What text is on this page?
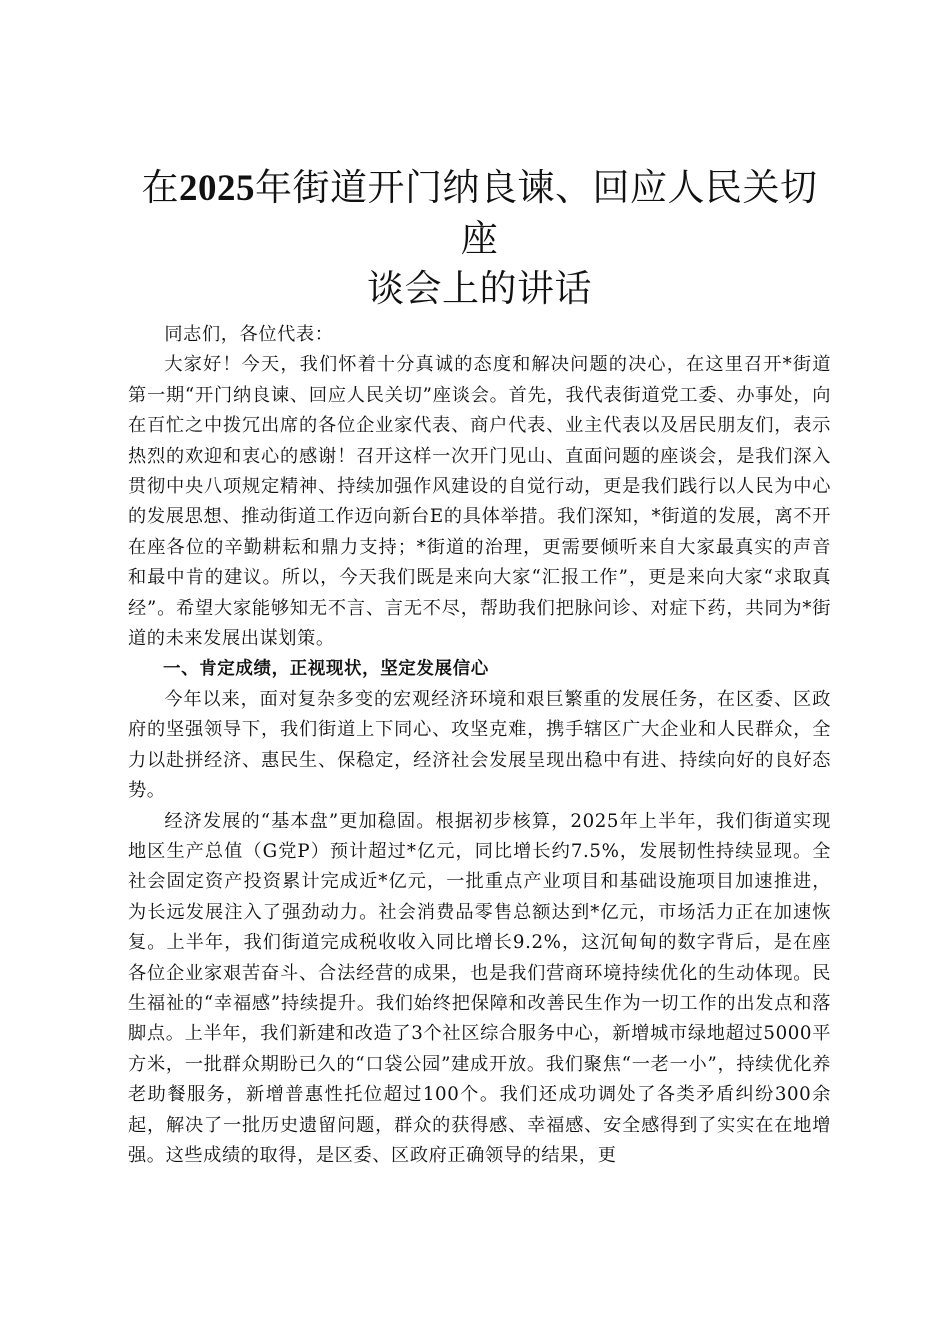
在2025年街道开门纳良谏、回应人民关切座
谈会上的讲话

同志们，各位代表：

大家好！今天，我们怀着十分真诚的态度和解决问题的决心，在这里召开*街道第一期“开门纳良谏、回应人民关切”座谈会。首先，我代表街道党工委、办事处，向在百忙之中拨冗出席的各位企业家代表、商户代表、业主代表以及居民朋友们，表示热烈的欢迎和衷心的感谢！召开这样一次开门见山、直面问题的座谈会，是我们深入贯彻中央八项规定精神、持续加强作风建设的自觉行动，更是我们践行以人民为中心的发展思想、推动街道工作迈向新台E的具体举措。我们深知，*街道的发展，离不开在座各位的辛勤耕耘和鼎力支持；*街道的治理，更需要倾听来自大家最真实的声音和最中肯的建议。所以，今天我们既是来向大家“汇报工作”，更是来向大家“求取真经”。希望大家能够知无不言、言无不尽，帮助我们把脉问诊、对症下药，共同为*街道的未来发展出谋划策。

一、肯定成绩，正视现状，坚定发展信心

今年以来，面对复杂多变的宏观经济环境和艰巨繁重的发展任务，在区委、区政府的坚强领导下，我们街道上下同心、攻坚克难，携手辖区广大企业和人民群众，全力以赴拼经济、惠民生、保稳定，经济社会发展呈现出稳中有进、持续向好的良好态势。

经济发展的“基本盘”更加稳固。根据初步核算，2025年上半年，我们街道实现地区生产总值（G党P）预计超过*亿元，同比增长约7.5%，发展韧性持续显现。全社会固定资产投资累计完成近*亿元，一批重点产业项目和基础设施项目加速推进，为长远发展注入了强劲动力。社会消费品零售总额达到*亿元，市场活力正在加速恢复。上半年，我们街道完成税收收入同比增长9.2%，这沉甸甸的数字背后，是在座各位企业家艰苦奋斗、合法经营的成果，也是我们营商环境持续优化的生动体现。民生福祉的“幸福感”持续提升。我们始终把保障和改善民生作为一切工作的出发点和落脚点。上半年，我们新建和改造了3个社区综合服务中心，新增城市绿地超过5000平方米，一批群众期盼已久的“口袋公园”建成开放。我们聚焦“一老一小”，持续优化养老助餐服务，新增普惠性托位超过100个。我们还成功调处了各类矛盾纠纷300余起，解决了一批历史遗留问题，群众的获得感、幸福感、安全感得到了实实在在地增强。这些成绩的取得，是区委、区政府正确领导的结果，更
